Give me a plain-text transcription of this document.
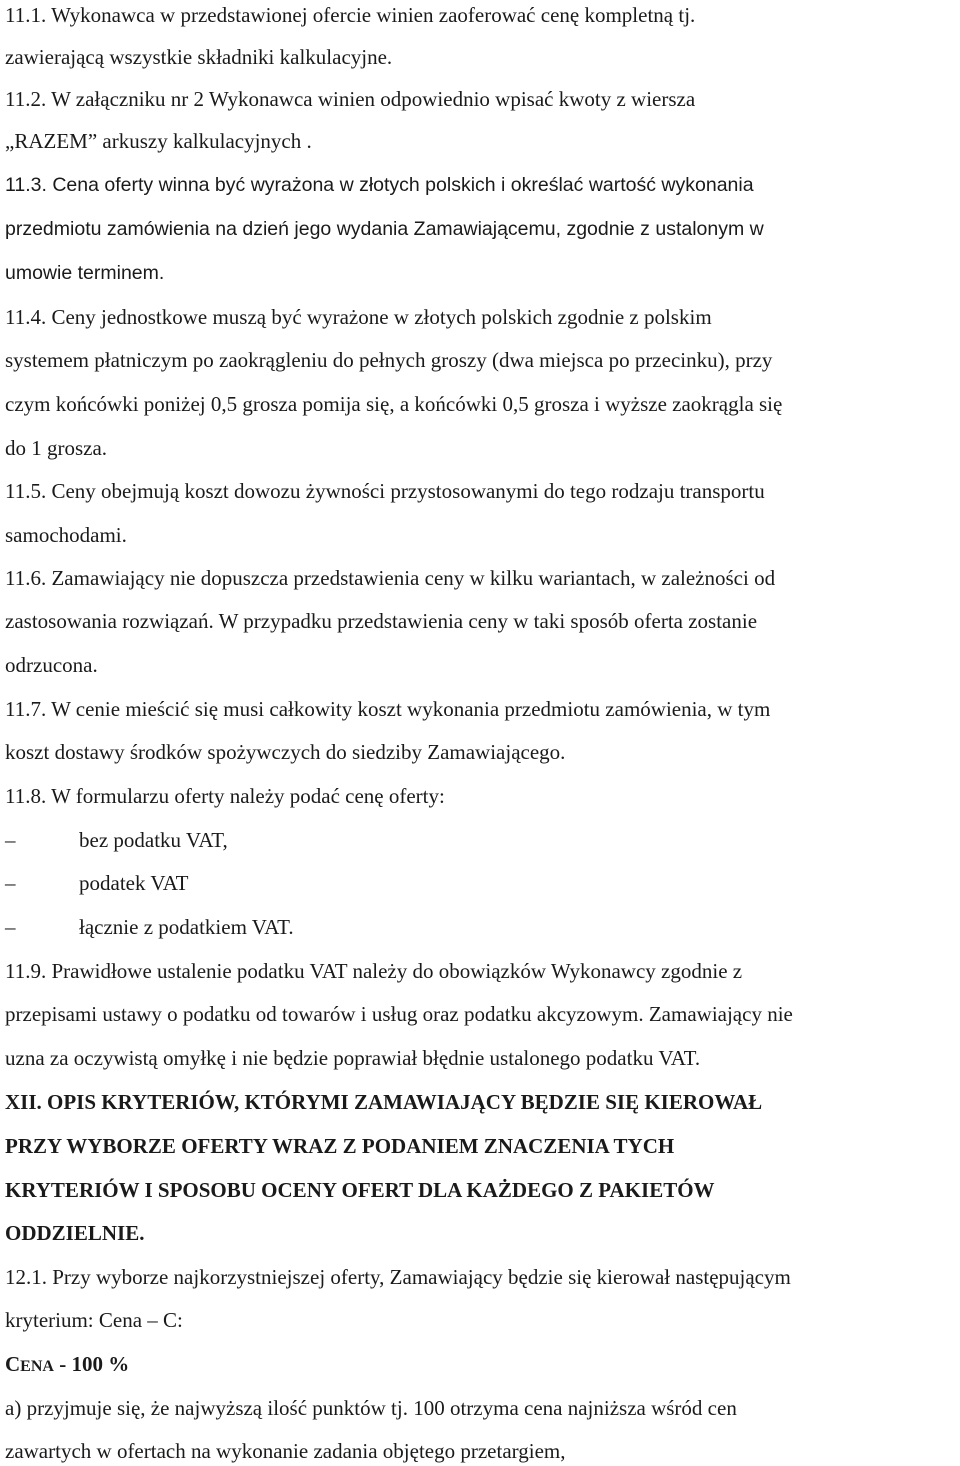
11.1. Wykonawca w przedstawionej ofercie winien zaoferować cenę kompletną tj.
zawierającą wszystkie składniki kalkulacyjne.
11.2. W załączniku nr 2 Wykonawca winien odpowiednio wpisać kwoty z wiersza
„RAZEM” arkuszy kalkulacyjnych .
11.3. Cena oferty winna być wyrażona w złotych polskich i określać wartość wykonania
przedmiotu zamówienia na dzień jego wydania Zamawiającemu, zgodnie z ustalonym w
umowie terminem.
11.4. Ceny jednostkowe muszą być wyrażone w złotych polskich zgodnie z polskim
systemem płatniczym po zaokrągleniu do pełnych groszy (dwa miejsca po przecinku), przy
czym końcówki poniżej 0,5 grosza pomija się, a końcówki 0,5 grosza i wyższe zaokrągla się
do 1 grosza.
11.5. Ceny obejmują koszt dowozu żywności przystosowanymi do tego rodzaju transportu
samochodami.
11.6. Zamawiający nie dopuszcza przedstawienia ceny w kilku wariantach, w zależności od
zastosowania rozwiązań. W przypadku przedstawienia ceny w taki sposób oferta zostanie
odrzucona.
11.7. W cenie mieścić się musi całkowity koszt wykonania przedmiotu zamówienia, w tym
koszt dostawy środków spożywczych do siedziby Zamawiającego.
11.8. W formularzu oferty należy podać cenę oferty:
–	bez podatku VAT,
–	podatek VAT
–	łącznie z podatkiem VAT.
11.9. Prawidłowe ustalenie podatku VAT należy do obowiązków Wykonawcy zgodnie z
przepisami ustawy o podatku od towarów i usług oraz podatku akcyzowym. Zamawiający nie
uzna za oczywistą omyłkę i nie będzie poprawiał błędnie ustalonego podatku VAT.
XII. OPIS KRYTERIÓW, KTÓRYMI ZAMAWIAJĄCY BĘDZIE SIĘ KIEROWAŁ
PRZY WYBORZE OFERTY WRAZ Z PODANIEM ZNACZENIA TYCH
KRYTERIÓW I SPOSOBU OCENY OFERT DLA KAŻDEGO Z PAKIETÓW
ODDZIELNIE.
12.1. Przy wyborze najkorzystniejszej oferty, Zamawiający będzie się kierował następującym
kryterium: Cena – C:
CENA - 100 %
a) przyjmuje się, że najwyższą ilość punktów tj. 100 otrzyma cena najniższa wśród cen
zawartych w ofertach na wykonanie zadania objętego przetargiem,
